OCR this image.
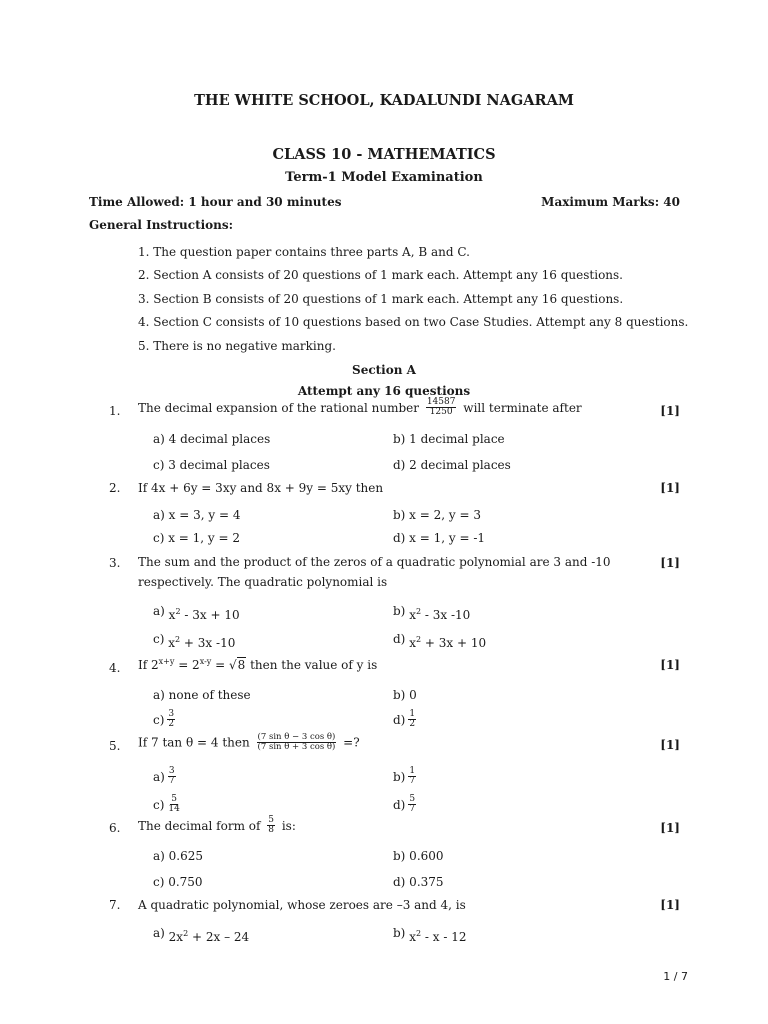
THE WHITE SCHOOL, KADALUNDI NAGARAM
CLASS 10 - MATHEMATICS
Term-1 Model Examination
Time Allowed: 1 hour and 30 minutes	Maximum Marks: 40
General Instructions:
1. The question paper contains three parts A, B and C.
2. Section A consists of 20 questions of 1 mark each. Attempt any 16 questions.
3. Section B consists of 20 questions of 1 mark each. Attempt any 16 questions.
4. Section C consists of 10 questions based on two Case Studies. Attempt any 8 questions.
5. There is no negative marking.
Section A
Attempt any 16 questions
1. The decimal expansion of the rational number $\frac{14587}{1250}$ will terminate after	[1]
a) 4 decimal places	b) 1 decimal place
c) 3 decimal places	d) 2 decimal places
2. If 4x + 6y = 3xy and 8x + 9y = 5xy then	[1]
a) x = 3, y = 4	b) x = 2, y = 3
c) x = 1, y = 2	d) x = 1, y = -1
3. The sum and the product of the zeros of a quadratic polynomial are 3 and -10 respectively. The quadratic polynomial is
[1]
a) $x^2 - 3x + 10$	b) $x^2 - 3x$ -10
c) $x^2 + 3x$ -10	d) $x^2 + 3x + 10$
4. If $2^{x+y} = 2^{x-y}$ = √ 8 then the value of y is	[1]
a) none of these	b) 0
$c) \frac{3}{2}$	$d) \frac{1}{2}$
5. If 7 tan θ = 4 then $\frac{\text{(7 sin θ − 3 cos θ)}}{\text{(7 sin θ + 3 cos θ)}}$ =?	[1]
$a) \frac{3}{7}$	$b) \frac{1}{7}$
$c) \frac{5}{14}$	$d) \frac{5}{7}$
6. The decimal form of $\frac{5}{8}$ is:	[1]
a) 0.625	b) 0.600
c) 0.750	d) 0.375
7. A quadratic polynomial, whose zeroes are –3 and 4, is	[1]
a) $2x^2 + 2x - 24$	b) $x^2$ - x - 12
1 / 7
